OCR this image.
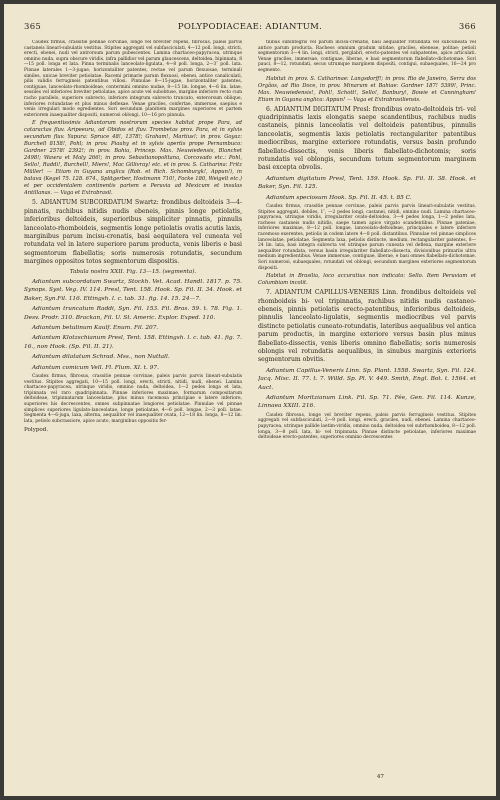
365	POLYPODIACEAE: ADIANTUM.	366

Caudex firmus, crassitie pennae corvinae, longe vel breviter repens, fibrosus, paleis parvis castaneis linearl-subulatis vestitus. Stipites aggregati vel subfasciculati, 4—12 poll. longi, stricti, erecti, ebenei, nudi vel antrorsum parum pubescentes. Lamina chartaceo-papyracea, utrinque omnino nuda, supra obscure viridis, infra pallidior vel parum glaucescens, deltoidea, bipinnata, 8—15 poll. longa et lata. Pinna terminalis lanceolato-ligulata, 4—8 poll. longa, 2—3″ poll. lata. Pinnae laterales 1—3-jugae, horizontaliter patentes, rectae vel parum flexuosae, terminali similes, unicae breviter petiolatae. Racemi primarie parum flexuosi, ebenei, antice canaliculati, pilis validis ferrugineis patentibus villosi. Pinnulae 8—15-jugae, horizontaliter patentes, contiguae, lanceolato-rhomboideae, contermini omnino nudae, 8—15 lin. longae, 4—6 lin. latae, sessiles vel inferiores breviter petiolatae, apice acute vel subobtuse, margine inferiore recto cum racho parallelo, superiore subrecto, inferiore integrum subrecto truncato, exterorsum oblique, inferiores rotundatae et plus minus deflexae. Venae graciles, confertae, immersae, saepius e venis irregulari modo egredientes. Sori secundum planitiem margines superiores et partem exteriorem inaequaliter dispositi, numerosi oblongi, 10—16 pro pinnula.

E frequentissimis Adiantorum nostrorum species habitat prope Para, ad cataractas fluv. Aripeeuru, ad Obidos et fluv. Trombetas prov. Para, et in sylvis secundum fluv. Yapura: Spruce 48!, 1378!; Graham!, Martius!; in prov. Goyaz: Burchell 8158!, Pohl; in prov. Piauhy et in sylvis apertis prope Pernambuco: Gardner 2578! 2392!; in prov. Bahia, Princep. Max. Neuwiedensis, Blanchet 2498!; Wawra et Maly 266!; in prov. Sebastianopolitana, Corcovado etc.: Pohl, Sello!, Raddi!, Burchell!, Miers!, Mac Gillivray! etc. et in prov. S. Catharina: Fritz Müller! — Etiam in Guyana anglica (Rob. et Rich. Schomburgk!, Appun!), in batava (Kegel 75. 128. 674., Splitgerber, Hostmann 710!, Focke 180, Weigelt etc.) et per occidentalem continentis partem e Peruvia ad Mexicum et insulas Antillanas. — Vaga et Extrabrasil.

5. ADIANTUM SUBCORDATUM Swartz: frondibus deltoideis 3—4-pinnatis, rachibus nitidis nudis ebeneis, pinnis longe petiolatis, inferioribus deltoideis, superioribus simpliciter pinnatis, pinnulis lanceolato-rhomboideis, segmentis longe petiolatis ovatis acutis laxis, marginibus parum incisu-crenatis, basi aequilatera vel cuneata vel rotundata vel in latere superiore parum producta, venis liberis e basi segmentorum flabellatis; soris numerosis rotundatis, secundum margines oppositos totos segmentorum dispositis.

Tabula nostra XXII. Fig. 13—15. (segmenta).

Adiantum subcordatum Swartz, Stockh. Vet. Acad. Handl. 1817. p. 75. Synops. Syst. Veg. IV. 114. Presl, Tent. 158. Hook. Sp. Fil. II. 34. Hook. et Baker, Syn.Fil. 116. Ettingsh. l. c. tab. 31. fig. 14. 15. 24—7.

Adiantum truncatum Raddi, Syn. Fil. 153. Fil. Bras. 59. t. 78. Fig. 1. Desv. Prodr. 310. Brackan, Fil. U. St. Americ. Explor. Exped. 110.

Adiantum betulinum Kaulf. Enum. Fil. 207.

Adiantum Klotzschianum Presl, Tent. 158. Ettingsh. l. c. tab. 41. fig. 7. 16., non Hook. (Sp. Fil. II. 21).

Adiantum dilatatum Schrad. Mss., non Nuttall.

Adiantum comicum Vell. Fl. Flum. XI. t. 97.

Caudex firmus, fibrosus, crassitie pennae corvinae, paleis parvis parvis lineari-subulatis vestitus. Stipites aggregati, 10—15 poll. longi, erecti, stricti, nitidi, nudi, ebenei. Lamina chartaceo-papyracea, utrinque viridis, omnino nuda, deltoidea, 1—2 pedes longa et lata, tripinnata vel raro quadripinnata. Pinnae inferiores maximae, formarum compositarum deltoideae, tripinnatarum lanceolatae, plus minus racemosa principiae e latere inferiore, superiores his decrescentes, omnes subpinnatae longiores petiolatae. Pinnulae vel pinnae simplices superiores ligulato-lanceolatae, longe petiolatae, 4—6 poll. longae, 2—3 poll. latae. Segmenta 4—6-juga, laxa, alterna, aequalitor vel inaequaliter ovata, 12—18 lin. longa, 8—12 lin. lata, petiolo subcrassiore, apice acuto, marginibus oppositis fer-

Polypod.

tilibus subintegris vel parum incisu-crenatis, basi aequaliter rotundata vel subcuneata vel antice parum producta. Racheos omnium gradum nitidae, graciles, ebeneae, politae; petioli segmentorum 3—4 lin. longi, stricti, perglabri, erecto-patentes vel subpatentes, apice articulati. Venae graciles, immersae, contiguae, liberae, e basi segmentorum flabellato-dichotomae. Sori pauci, 8—12, rotundati, secus utrumque marginem dispositi, contigui, subaequales, 16—24 pro segmento.

Habitat in prov. S. Catharinae: Langsdorff!; in prov. Rio de Janeiro, Serra dos Orgãos, ad Rio Doce, in prov. Minarum et Bahiae: Gardner 187! 5399!, Princ. Max. Neuwiedensis!, Pohl!, Schott!, Sello!, Banbury!, Bowie et Cunningham! Etiam in Guyana anglica: Appun! — Vaga et Extrabrasiliensis.

6. ADIANTUM DIGITATUM Presl: frondibus ovato-deltoideis tri- vel quadripinnatis laxis elongatis saepe scandentibus, rachibus nudis castaneis, pinnis lanceolatis vel deltoideis patentibus, pinnulis lanceolatis, segmentis laxis petiolatis rectangulariter patentibus mediocribus, margine exteriore rotundatis, versus basin profundo flabellato-dissectis, venis liberis flabellato-dichotomis; soris rotundatis vel oblongis, secundum totum segmentorum marginem basi excepta obvolis.

Adiantum digitatum Presl, Tent. 159. Hook. Sp. Fil. II. 38. Hook. et Baker, Syn. Fil. 125.

Adiantum speciosum Hook. Sp. Fil. II. 45. t. 85 C.

Caudex firmus, crassitie pennae corvinae, paleis parvis parvis lineari-subulatis vestitus. Stipites aggregati, debiles, 1″, —2 pedes longi, castanei, nitidi, omnino nudi. Lamina chartaceo-papyracea, utrinque viridis, irregulariter ovato-deltoidea, 3—4 pedes longa, 1—2 pedes lata, racheos castaneis nudis nitidis, saepe tamen apice virgato scandentibus. Pinnae pateniae, inferiores maximae, 8—12 poll. longae, lanceolato-deltoideae, principales e latere inferiore racemoso exerentes, petiolis in codem latere 4—8 poll. distantibus. Pinnulae vel pinnae simplices lanceolatae, petiolatae. Segmenta laxa, petiolis distincte, medium, rectangulariter patentes, 8—24 lin. lata, basi integra subrecta vel utrinque parum cuneata vel deflexa, margine exteriore aequaliter rotundata, versus basin irregulariter flabellato-dissecta, divisionibus primariis ultra medium ingredientibus. Venae immersae, contiguae, liberae, e basi omnes flabellato-dichotomae. Sori numerosi, subaequales, rotundati vel oblongi, secundum margines exteriores segmentorum dispositi.

Habitat in Brasilia, loco accuratius non indicato: Sello. Item Peruviam et Columbiam incolit.

7. ADIANTUM CAPILLUS-VENERIS Linn. frondibus deltoideis vel rhomboideis bi- vel tripinnatis, rachibus nitidis nudis castaneo-ebeneis, pinnis petiolatis erecto-patentibus, inferioribus deltoideis, pinnulis lanceolato-ligulatis, segmentis mediocribus vel parvis distincte petiolatis cuneato-rotundatis, lateribus aequalibus vel antica parum productis, in margine exteriore versus basin plus minus flabellato-dissectis, venis liberis omnino flabellatis; soris numerosis oblongis vel rotundatis aequalibus, in sinubus marginis exterioris segmentorum obvitis.

Adiantum Capillus-Veneris Linn. Sp. Plant. 1558. Swartz, Syn. Fil. 124. Jacq. Misc. II. 77. t. 7. Willd. Sp. Pl. V. 449. Smith, Engl. Bot. t. 1564. et Auct.

Adiantum Moritzianum Link. Fil. Sp. 71. Fée, Gen. Fil. 114. Kunze, Linnaea XXIII. 216.

Caudex fibrosus, longe vel breviter repens, paleis parvis ferrugineis vestitus. Stipites aggregati vel subfasciculati, 2—9 poll. longi, erecti, graciles, nudi, ebenei. Lamina chartaceo-papyracea, utrinque pallide laetim-viridis, omnino nuda, deltoidea vel subrhomboidea, 8—12 poll. longa, 3—8 poll. lata, bi- vel tripinnata. Pinnae distincte petiolatae, inferiores maximae deltoideae erecto-patentes, superiores omnino decrescentes

47
